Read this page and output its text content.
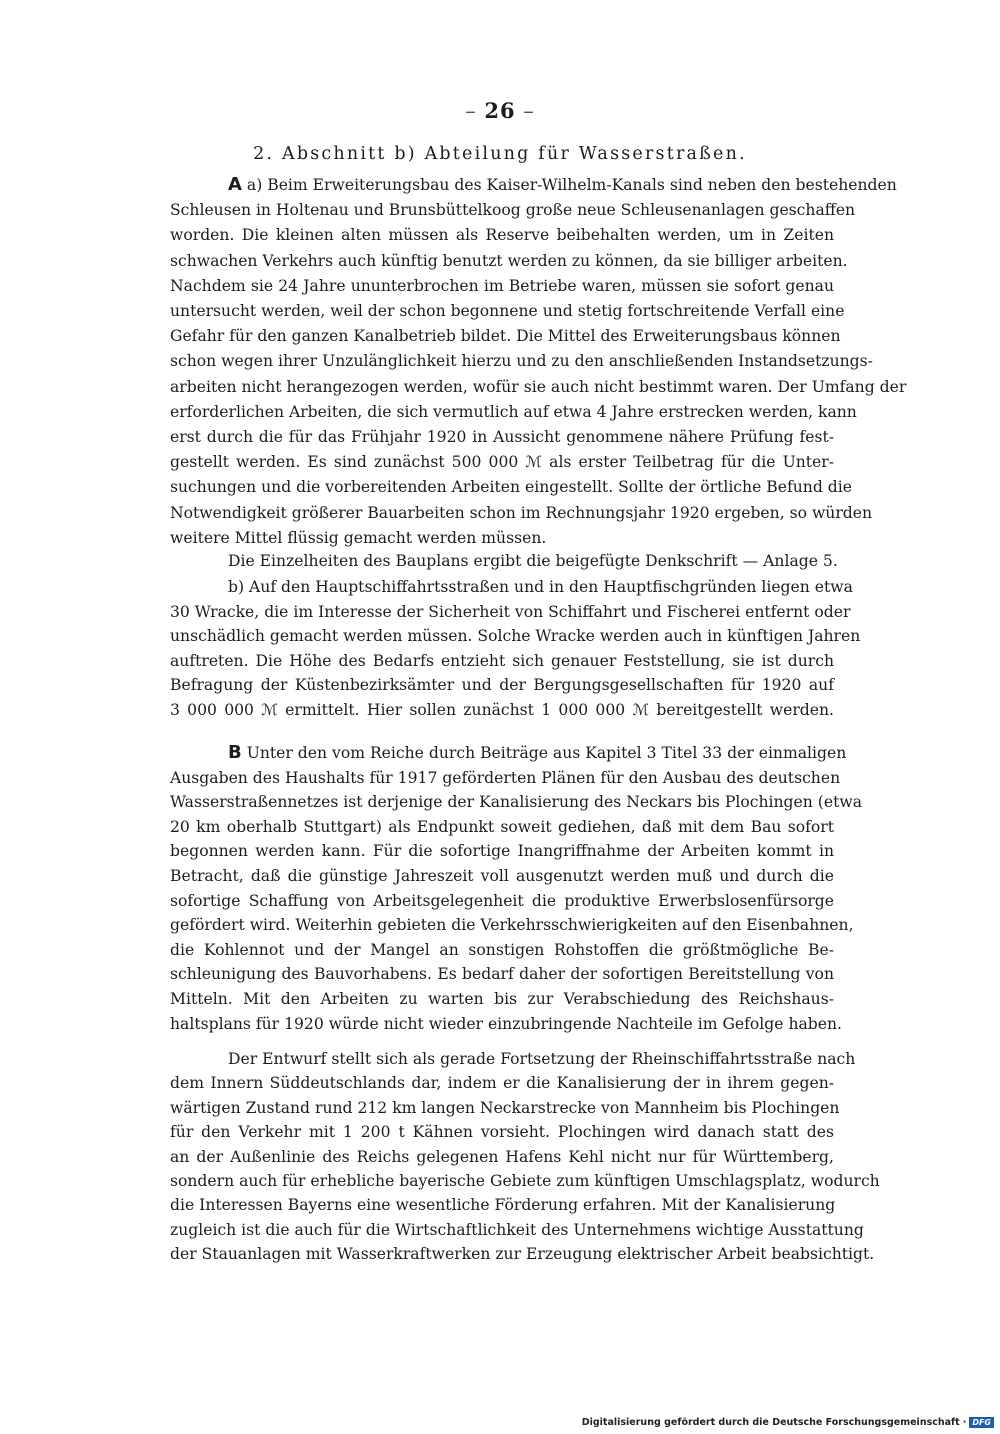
– 26 –
2. Abschnitt b) Abteilung für Wasserstraßen.
A a) Beim Erweiterungsbau des Kaiser-Wilhelm-Kanals sind neben den bestehenden
Schleusen in Holtenau und Brunsbüttelkoog große neue Schleusenanlagen geschaffen
worden. Die kleinen alten müssen als Reserve beibehalten werden, um in Zeiten
schwachen Verkehrs auch künftig benutzt werden zu können, da sie billiger arbeiten.
Nachdem sie 24 Jahre ununterbrochen im Betriebe waren, müssen sie sofort genau
untersucht werden, weil der schon begonnene und stetig fortschreitende Verfall eine
Gefahr für den ganzen Kanalbetrieb bildet. Die Mittel des Erweiterungsbaus können
schon wegen ihrer Unzulänglichkeit hierzu und zu den anschließenden Instandsetzungs-
arbeiten nicht herangezogen werden, wofür sie auch nicht bestimmt waren. Der Umfang der
erforderlichen Arbeiten, die sich vermutlich auf etwa 4 Jahre erstrecken werden, kann
erst durch die für das Frühjahr 1920 in Aussicht genommene nähere Prüfung fest-
gestellt werden. Es sind zunächst 500 000 ℳ als erster Teilbetrag für die Unter-
suchungen und die vorbereitenden Arbeiten eingestellt. Sollte der örtliche Befund die
Notwendigkeit größerer Bauarbeiten schon im Rechnungsjahr 1920 ergeben, so würden
weitere Mittel flüssig gemacht werden müssen.
Die Einzelheiten des Bauplans ergibt die beigefügte Denkschrift — Anlage 5.
b) Auf den Hauptschiffahrtsstraßen und in den Hauptfischgründen liegen etwa
30 Wracke, die im Interesse der Sicherheit von Schiffahrt und Fischerei entfernt oder
unschädlich gemacht werden müssen. Solche Wracke werden auch in künftigen Jahren
auftreten. Die Höhe des Bedarfs entzieht sich genauer Feststellung, sie ist durch
Befragung der Küstenbezirksämter und der Bergungsgesellschaften für 1920 auf
3 000 000 ℳ ermittelt. Hier sollen zunächst 1 000 000 ℳ bereitgestellt werden.
B Unter den vom Reiche durch Beiträge aus Kapitel 3 Titel 33 der einmaligen
Ausgaben des Haushalts für 1917 geförderten Plänen für den Ausbau des deutschen
Wasserstraßennetzes ist derjenige der Kanalisierung des Neckars bis Plochingen (etwa
20 km oberhalb Stuttgart) als Endpunkt soweit gediehen, daß mit dem Bau sofort
begonnen werden kann. Für die sofortige Inangriffnahme der Arbeiten kommt in
Betracht, daß die günstige Jahreszeit voll ausgenutzt werden muß und durch die
sofortige Schaffung von Arbeitsgelegenheit die produktive Erwerbslosenfürsorge
gefördert wird. Weiterhin gebieten die Verkehrsschwierigkeiten auf den Eisenbahnen,
die Kohlennot und der Mangel an sonstigen Rohstoffen die größtmögliche Be-
schleunigung des Bauvorhabens. Es bedarf daher der sofortigen Bereitstellung von
Mitteln. Mit den Arbeiten zu warten bis zur Verabschiedung des Reichshaus-
haltsplans für 1920 würde nicht wieder einzubringende Nachteile im Gefolge haben.
Der Entwurf stellt sich als gerade Fortsetzung der Rheinschiffahrtsstraße nach
dem Innern Süddeutschlands dar, indem er die Kanalisierung der in ihrem gegen-
wärtigen Zustand rund 212 km langen Neckarstrecke von Mannheim bis Plochingen
für den Verkehr mit 1 200 t Kähnen vorsieht. Plochingen wird danach statt des
an der Außenlinie des Reichs gelegenen Hafens Kehl nicht nur für Württemberg,
sondern auch für erhebliche bayerische Gebiete zum künftigen Umschlagsplatz, wodurch
die Interessen Bayerns eine wesentliche Förderung erfahren. Mit der Kanalisierung
zugleich ist die auch für die Wirtschaftlichkeit des Unternehmens wichtige Ausstattung
der Stauanlagen mit Wasserkraftwerken zur Erzeugung elektrischer Arbeit beabsichtigt.
Digitalisierung gefördert durch die Deutsche Forschungsgemeinschaft · DFG
